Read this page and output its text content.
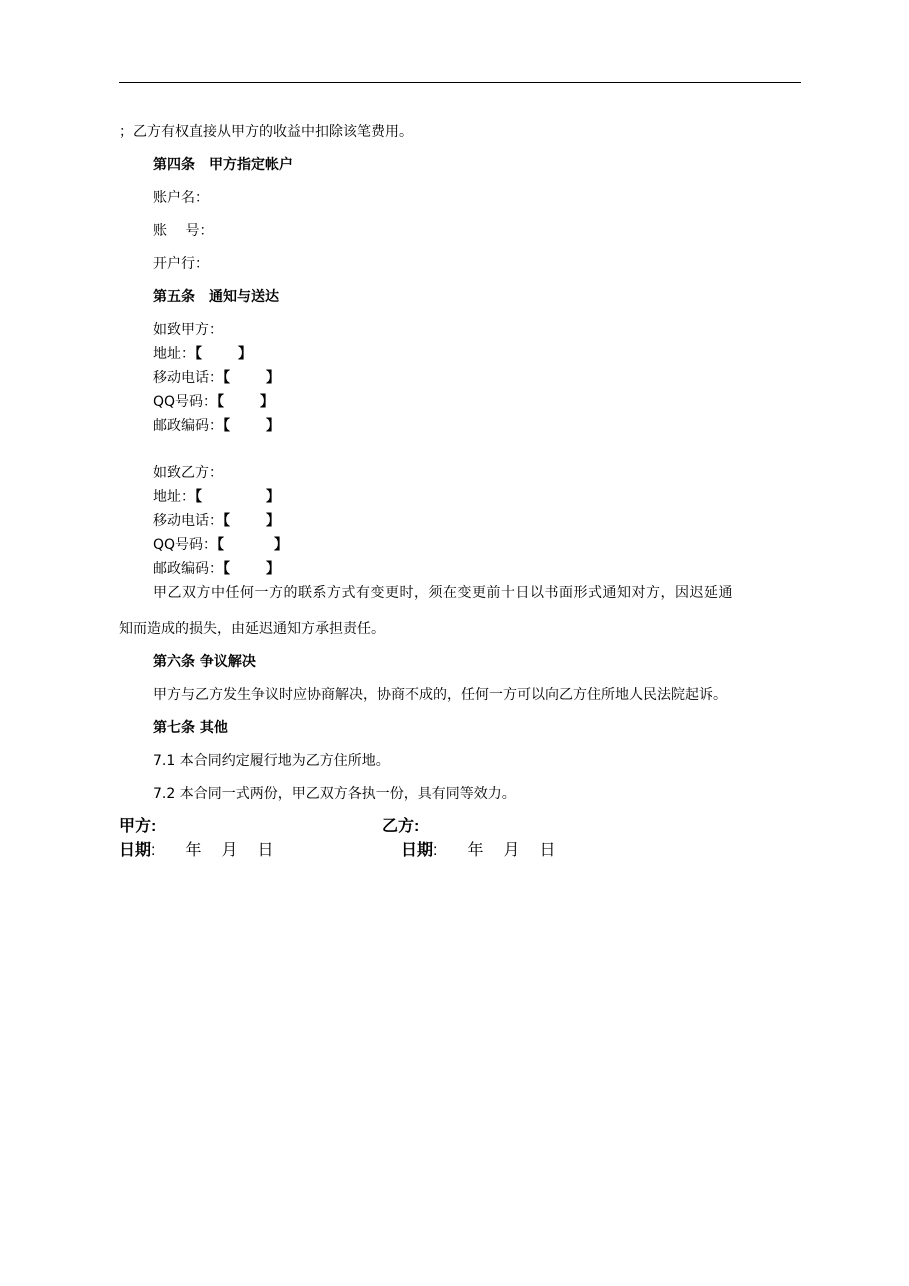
；乙方有权直接从甲方的收益中扣除该笔费用。
第四条　甲方指定帐户
账户名：
账　 号：
开户行：
第五条　通知与送达
如致甲方：
地址：【	】
移动电话：【	】
QQ号码：【	】
邮政编码：【	】
如致乙方：
地址：【	】
移动电话：【	】
QQ号码：【	】
邮政编码：【	】
甲乙双方中任何一方的联系方式有变更时，须在变更前十日以书面形式通知对方，因迟延通
知而造成的损失，由延迟通知方承担责任。
第六条 争议解决
甲方与乙方发生争议时应协商解决，协商不成的，任何一方可以向乙方住所地人民法院起诉。
第七条 其他
7.1 本合同约定履行地为乙方住所地。
7.2 本合同一式两份，甲乙双方各执一份，具有同等效力。
甲方:	乙方:
日期: 年 月 日	日期: 年 月 日
